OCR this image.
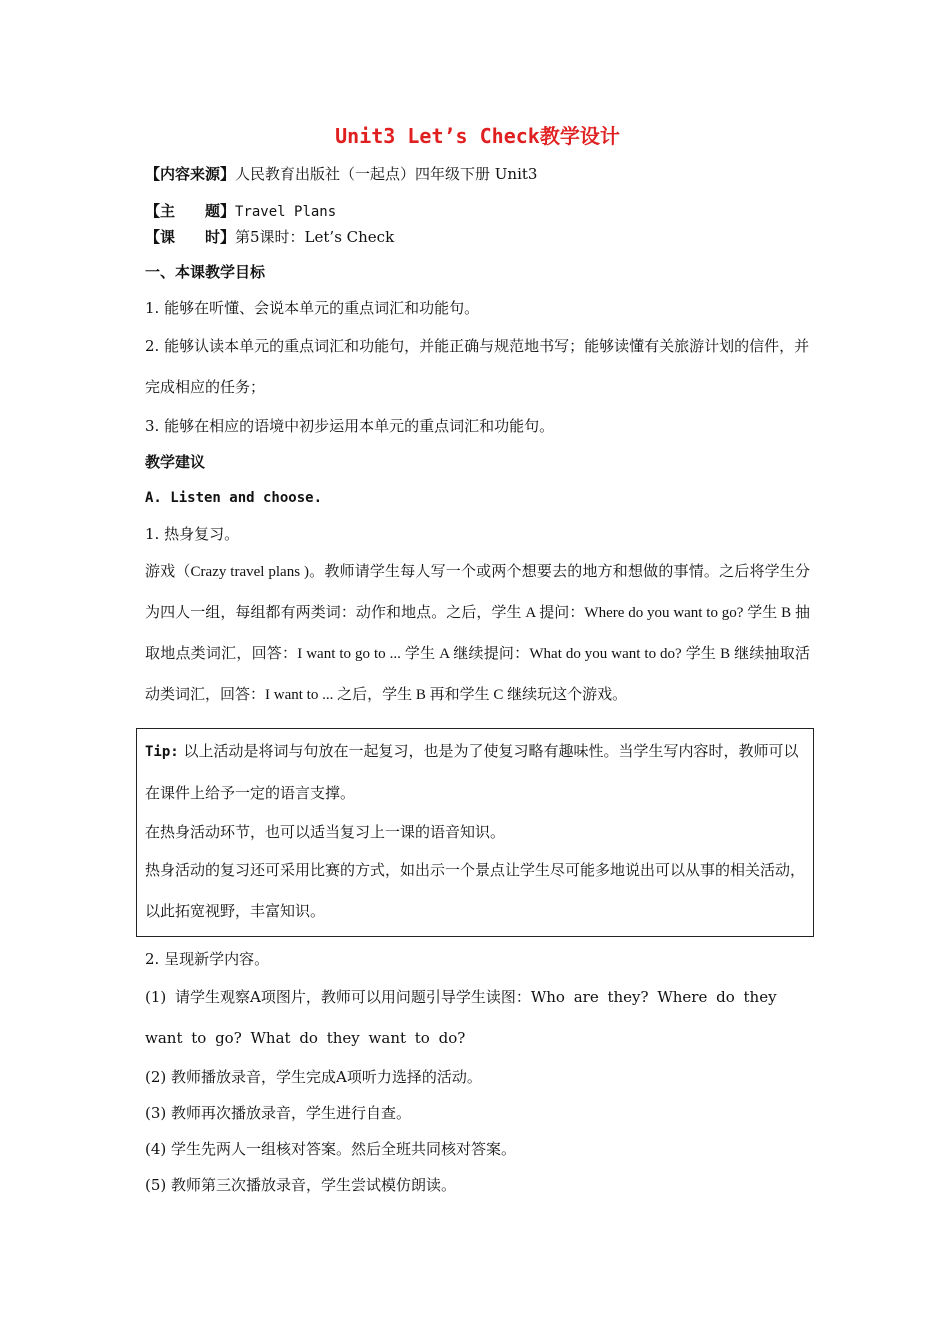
Unit3 Let’s Check教学设计

【内容来源】人民教育出版社（一起点）四年级下册 Unit3

【主　　题】Travel Plans

【课　　时】第5课时：Let’s Check

一、本课教学目标

1. 能够在听懂、会说本单元的重点词汇和功能句。

2. 能够认读本单元的重点词汇和功能句，并能正确与规范地书写；能够读懂有关旅游计划的信件，并完成相应的任务；

3. 能够在相应的语境中初步运用本单元的重点词汇和功能句。

教学建议

A. Listen and choose.

1. 热身复习。

游戏（Crazy travel plans )。教师请学生每人写一个或两个想要去的地方和想做的事情。之后将学生分为四人一组，每组都有两类词：动作和地点。之后，学生 A 提问：Where do you want to go? 学生 B 抽取地点类词汇，回答：I want to go to ... 学生 A 继续提问：What do you want to do? 学生 B 继续抽取活动类词汇，回答：I want to ... 之后，学生 B 再和学生 C 继续玩这个游戏。

Tip: 以上活动是将词与句放在一起复习，也是为了使复习略有趣味性。当学生写内容时，教师可以在课件上给予一定的语言支撑。

在热身活动环节，也可以适当复习上一课的语音知识。

热身活动的复习还可采用比赛的方式，如出示一个景点让学生尽可能多地说出可以从事的相关活动，以此拓宽视野，丰富知识。

2. 呈现新学内容。

(1) 请学生观察A项图片，教师可以用问题引导学生读图：Who are they? Where do they want to go? What do they want to do?

(2) 教师播放录音，学生完成A项听力选择的活动。

(3) 教师再次播放录音，学生进行自查。

(4) 学生先两人一组核对答案。然后全班共同核对答案。

(5) 教师第三次播放录音，学生尝试模仿朗读。
